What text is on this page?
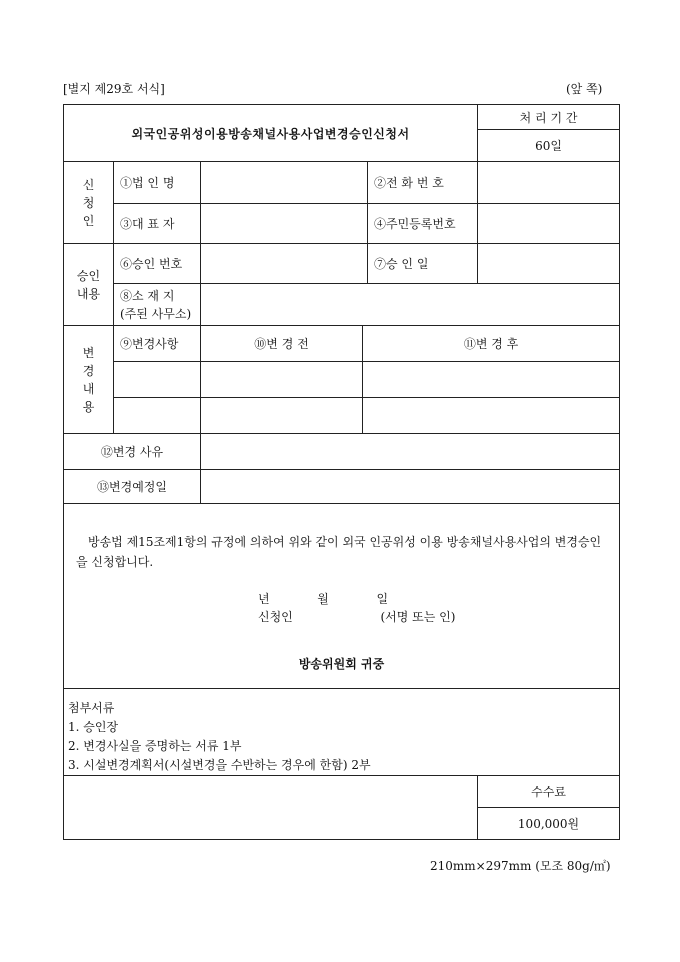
[별지 제29호 서식]	(앞 쪽)
외국인공위성이용방송채널사용사업변경승인신청서					처 리 기 간
					60일

신
청
인	①법 인 명			②전 화 번 호	
	③대 표 자			④주민등록번호	

승인
내용	⑥승인 번호			⑦승 인 일	

	⑧소 재 지
(주된 사무소)				

변
경
내
용	⑨변경사항	⑩변 경 전	⑪변 경 후		

⑫변경 사유					
⑬변경예정일					

방송법 제15조제1항의 규정에 의하여 위와 같이 외국 인공위성 이용 방송채널사용사업의 변경승인을 신청합니다.

년 월 일
신청인 (서명 또는 인)
방송위원회 귀중					

첨부서류
1. 승인장
2. 변경사실을 증명하는 서류 1부
3. 시설변경계획서(시설변경을 수반하는 경우에 한함) 2부					

					수수료
					100,000원
210mm×297mm (모조 80g/㎡)
